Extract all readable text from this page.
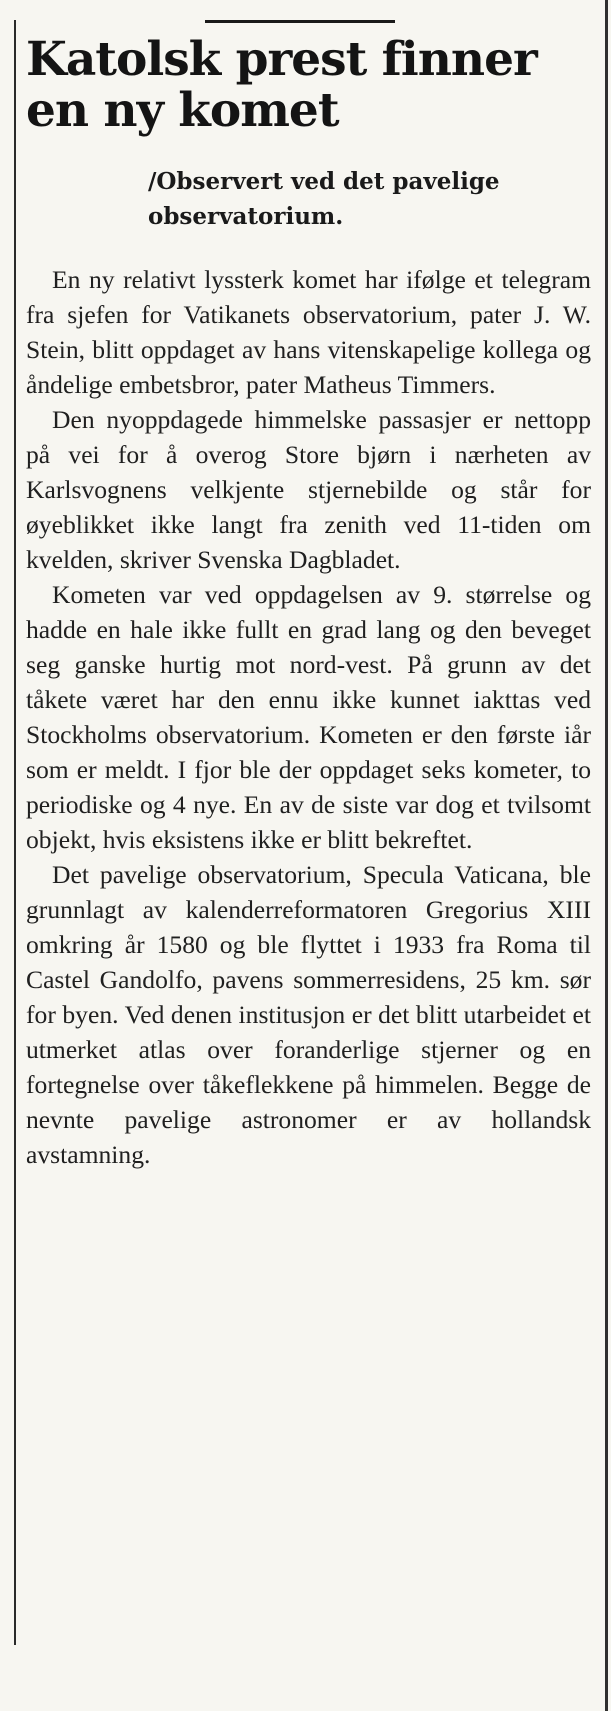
Katolsk prest finner en ny komet
/Observert ved det pavelige observatorium.

En ny relativt lyssterk komet har ifølge et telegram fra sjefen for Vatikanets observatorium, pater J. W. Stein, blitt oppdaget av hans vitenskapelige kollega og åndelige embetsbror, pater Matheus Timmers.

Den nyoppdagede himmelske passasjer er nettopp på vei for å overog Store bjørn i nærheten av Karlsvognens velkjente stjernebilde og står for øyeblikket ikke langt fra zenith ved 11-tiden om kvelden, skriver Svenska Dagbladet.

Kometen var ved oppdagelsen av 9. størrelse og hadde en hale ikke fullt en grad lang og den beveget seg ganske hurtig mot nord-vest. På grunn av det tåkete været har den ennu ikke kunnet iakttas ved Stockholms observatorium. Kometen er den første iår som er meldt. I fjor ble der oppdaget seks kometer, to periodiske og 4 nye. En av de siste var dog et tvilsomt objekt, hvis eksistens ikke er blitt bekreftet.

Det pavelige observatorium, Specula Vaticana, ble grunnlagt av kalenderreformatoren Gregorius XIII omkring år 1580 og ble flyttet i 1933 fra Roma til Castel Gandolfo, pavens sommerresidens, 25 km. sør for byen. Ved denen institusjon er det blitt utarbeidet et utmerket atlas over foranderlige stjerner og en fortegnelse over tåkeflekkene på himmelen. Begge de nevnte pavelige astronomer er av hollandsk avstamning.
